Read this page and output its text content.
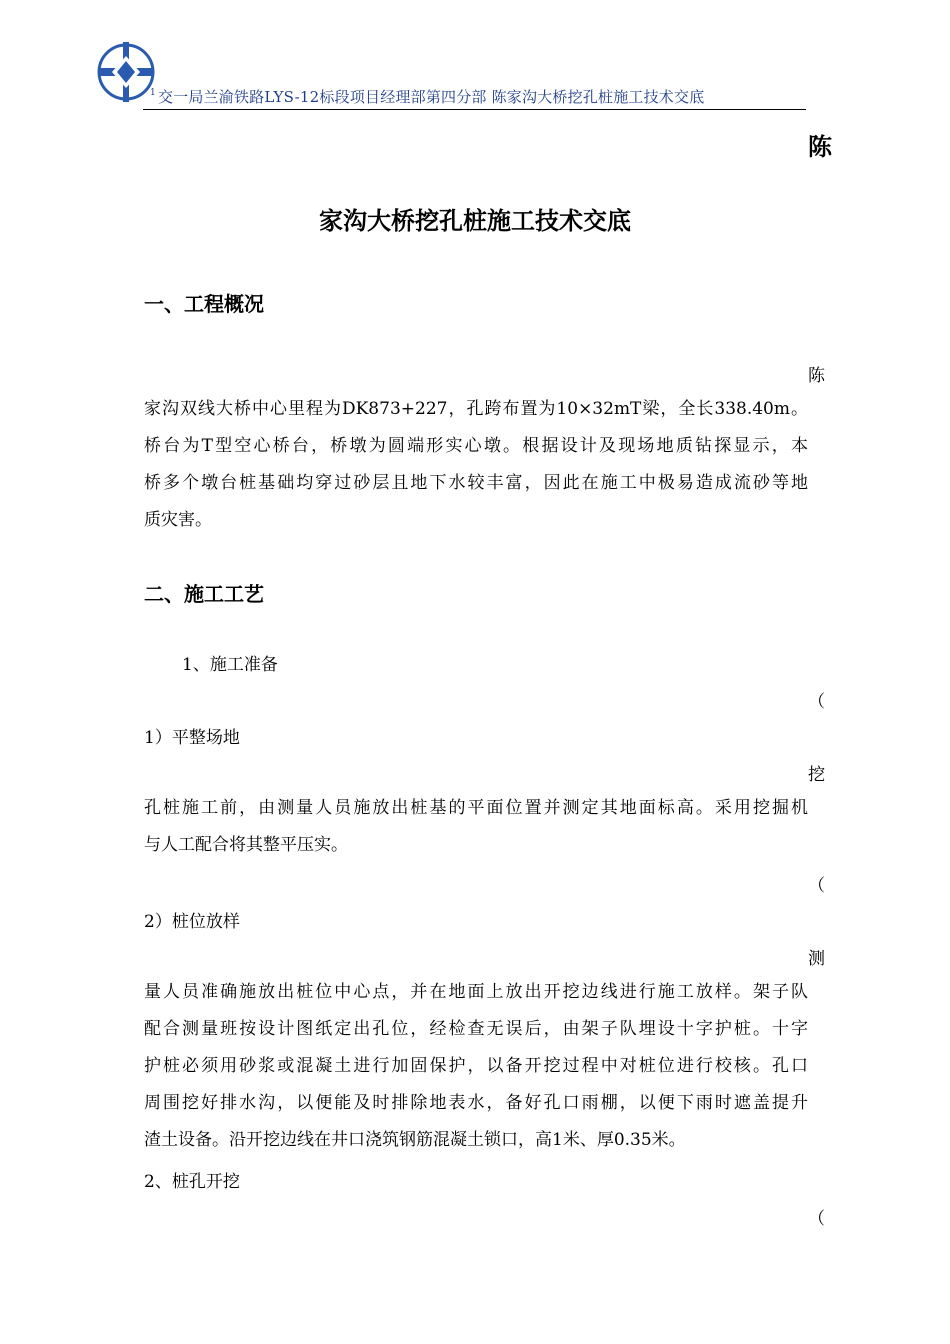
$^1$ 交一局兰渝铁路LYS-12标段项目经理部第四分部 陈家沟大桥挖孔桩施工技术交底
陈
家沟大桥挖孔桩施工技术交底
一、工程概况
陈
家沟双线大桥中心里程为DK873+227，孔跨布置为10×32mT梁，全长338.40m。
桥台为T型空心桥台，桥墩为圆端形实心墩。根据设计及现场地质钻探显示，本
桥多个墩台桩基础均穿过砂层且地下水较丰富，因此在施工中极易造成流砂等地
质灾害。
二、施工工艺
1、施工准备
（
1）平整场地
挖
孔桩施工前，由测量人员施放出桩基的平面位置并测定其地面标高。采用挖掘机
与人工配合将其整平压实。
（
2）桩位放样
测
量人员准确施放出桩位中心点，并在地面上放出开挖边线进行施工放样。架子队
配合测量班按设计图纸定出孔位，经检查无误后，由架子队埋设十字护桩。十字
护桩必须用砂浆或混凝土进行加固保护，以备开挖过程中对桩位进行校核。孔口
周围挖好排水沟，以便能及时排除地表水，备好孔口雨棚，以便下雨时遮盖提升
渣土设备。沿开挖边线在井口浇筑钢筋混凝土锁口，高1米、厚0.35米。
2、桩孔开挖
（
